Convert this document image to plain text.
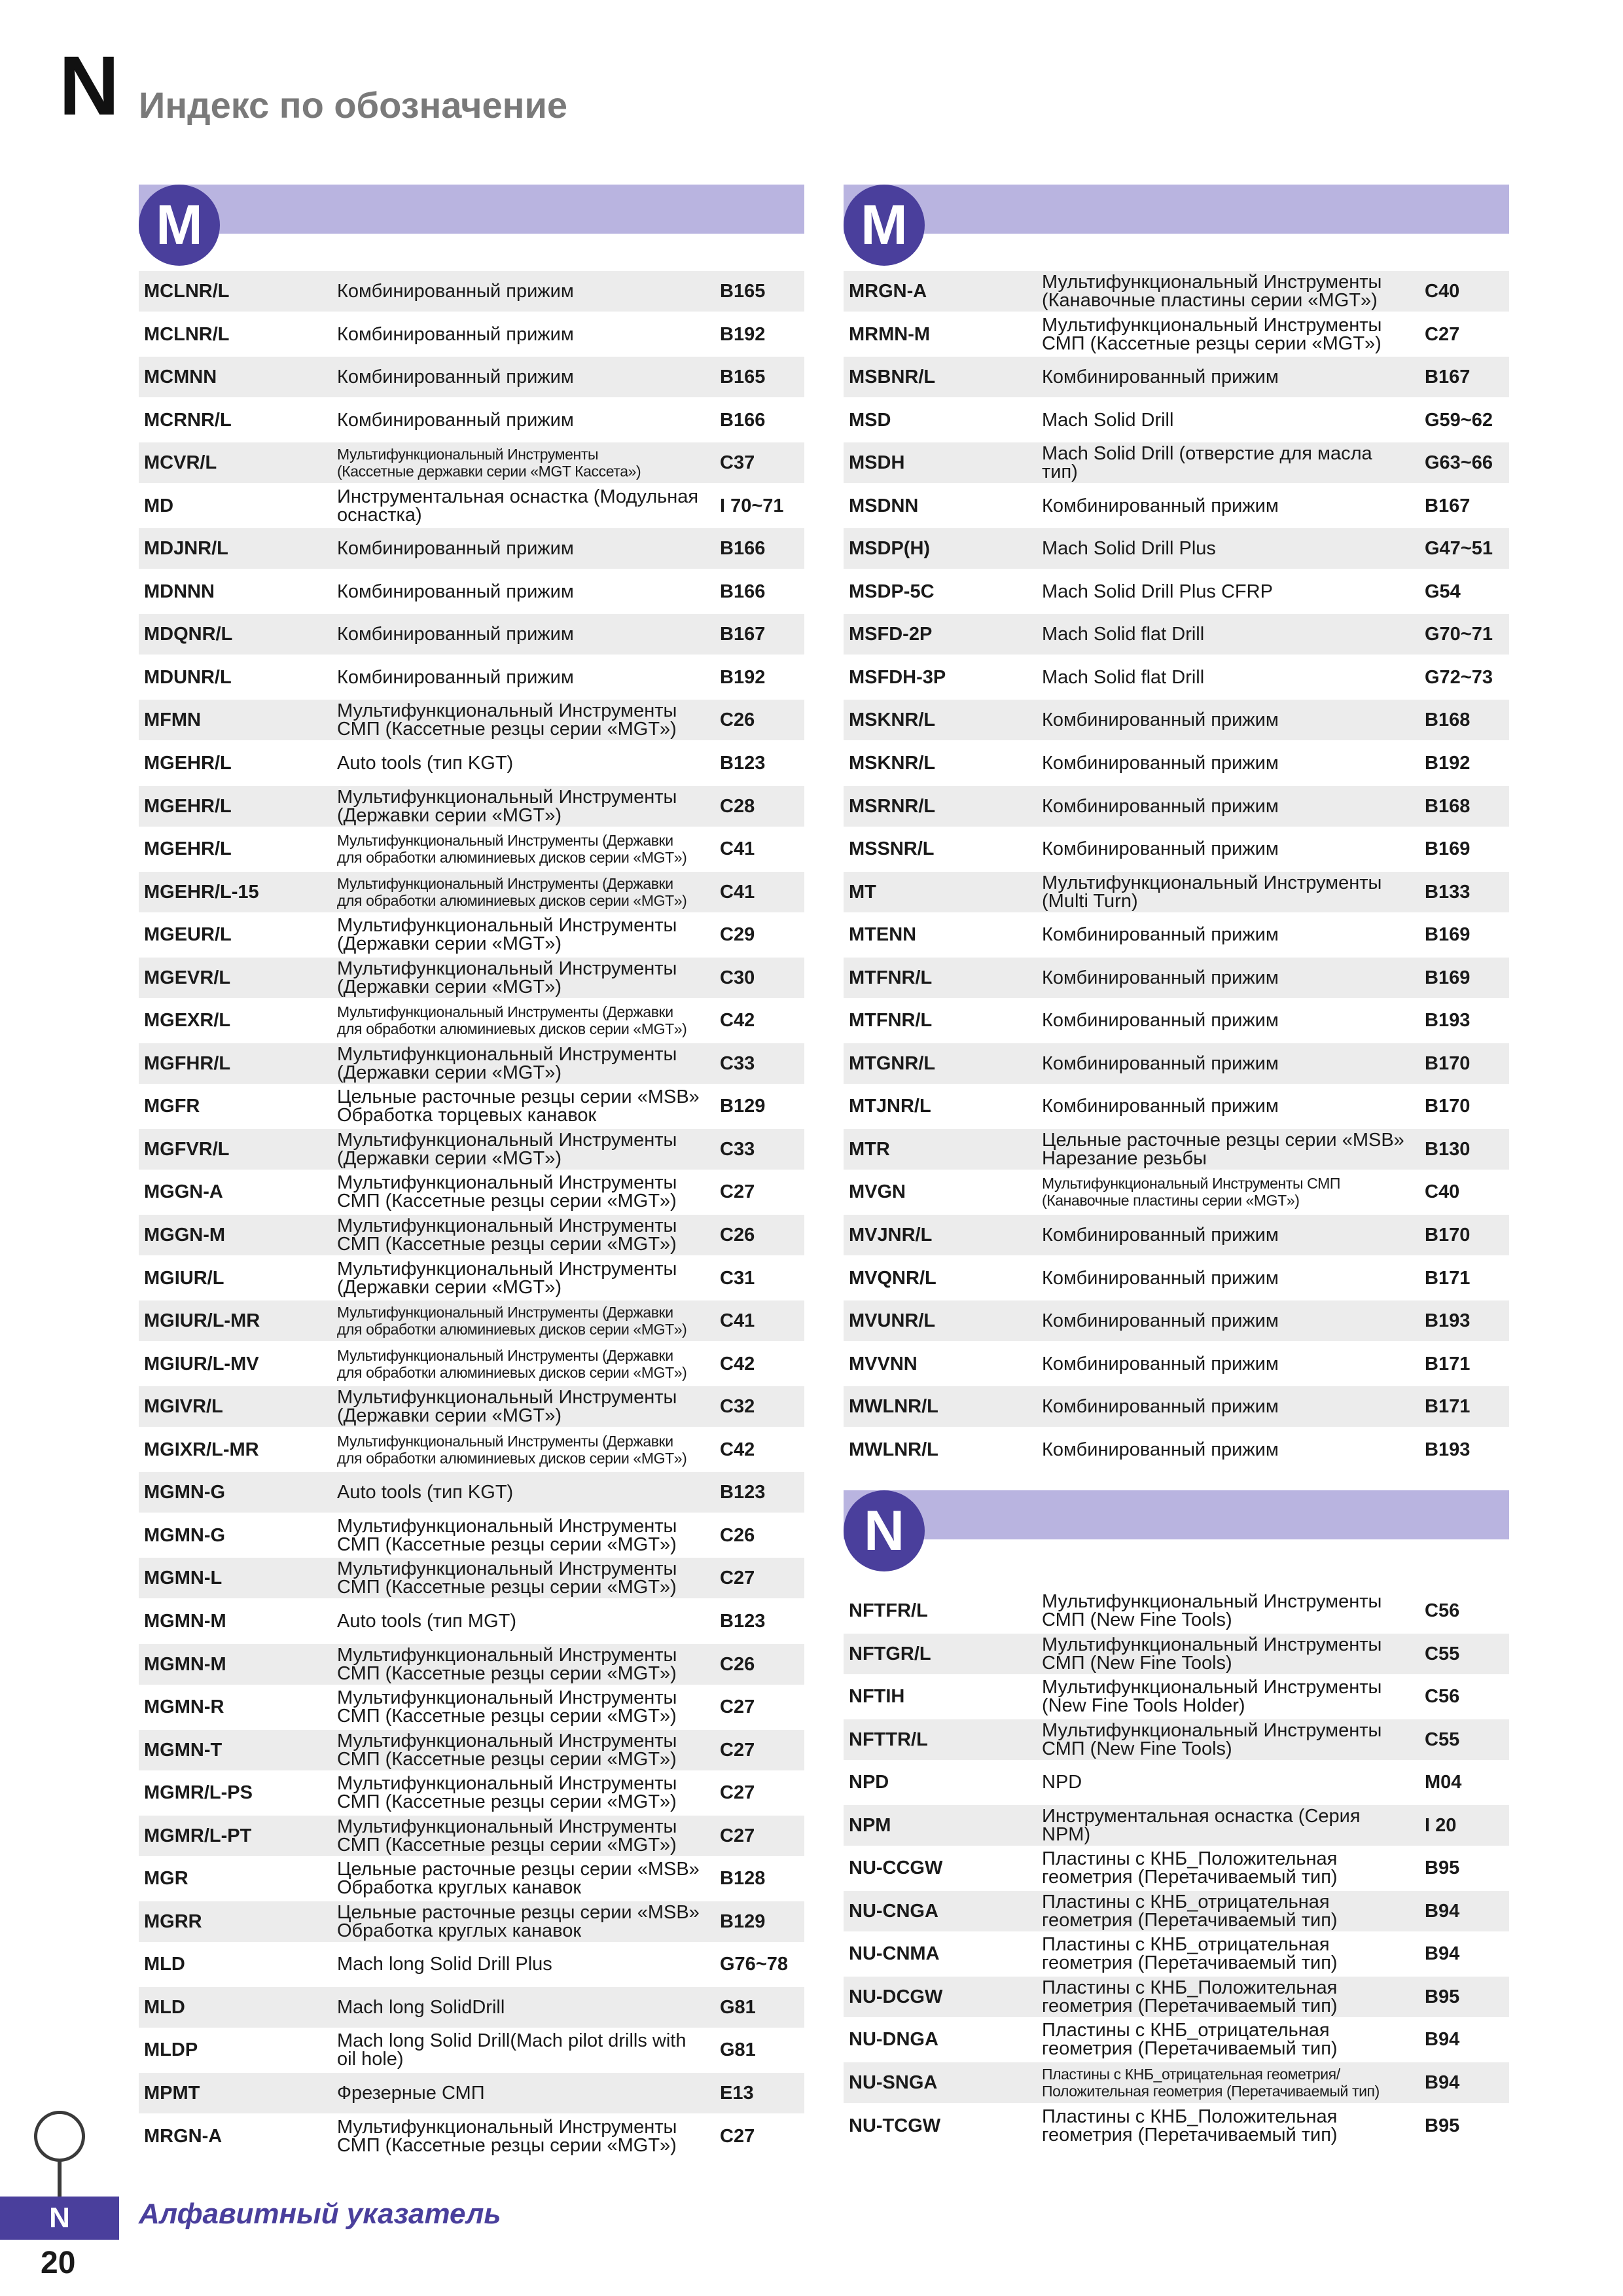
N Индекс по обозначение
M
MCLNR/L	Комбинированный прижим	B165
MCLNR/L	Комбинированный прижим	B192
MCMNN	Комбинированный прижим	B165
MCRNR/L	Комбинированный прижим	B166
MCVR/L	Мультифункциональный Инструменты
(Кассетные державки серии «MGT Кассета»)	C37
MD	Инструментальная оснастка (Модульная
оснастка)	I 70~71
MDJNR/L	Комбинированный прижим	B166
MDNNN	Комбинированный прижим	B166
MDQNR/L	Комбинированный прижим	B167
MDUNR/L	Комбинированный прижим	B192
MFMN	Мультифункциональный Инструменты
СМП (Кассетные резцы серии «MGT»)	C26
MGEHR/L	Auto tools (тип KGT)	B123
MGEHR/L	Мультифункциональный Инструменты
(Державки серии «MGT»)	C28
MGEHR/L	Мультифункциональный Инструменты (Державки
для обработки алюминиевых дисков серии «MGT»)	C41
MGEHR/L-15	Мультифункциональный Инструменты (Державки
для обработки алюминиевых дисков серии «MGT»)	C41
MGEUR/L	Мультифункциональный Инструменты
(Державки серии «MGT»)	C29
MGEVR/L	Мультифункциональный Инструменты
(Державки серии «MGT»)	C30
MGEXR/L	Мультифункциональный Инструменты (Державки
для обработки алюминиевых дисков серии «MGT»)	C42
MGFHR/L	Мультифункциональный Инструменты
(Державки серии «MGT»)	C33
MGFR	Цельные расточные резцы серии «MSB»
Обработка торцевых канавок	B129
MGFVR/L	Мультифункциональный Инструменты
(Державки серии «MGT»)	C33
MGGN-A	Мультифункциональный Инструменты
СМП (Кассетные резцы серии «MGT»)	C27
MGGN-M	Мультифункциональный Инструменты
СМП (Кассетные резцы серии «MGT»)	C26
MGIUR/L	Мультифункциональный Инструменты
(Державки серии «MGT»)	C31
MGIUR/L-MR	Мультифункциональный Инструменты (Державки
для обработки алюминиевых дисков серии «MGT»)	C41
MGIUR/L-MV	Мультифункциональный Инструменты (Державки
для обработки алюминиевых дисков серии «MGT»)	C42
MGIVR/L	Мультифункциональный Инструменты
(Державки серии «MGT»)	C32
MGIXR/L-MR	Мультифункциональный Инструменты (Державки
для обработки алюминиевых дисков серии «MGT»)	C42
MGMN-G	Auto tools (тип KGT)	B123
MGMN-G	Мультифункциональный Инструменты
СМП (Кассетные резцы серии «MGT»)	C26
MGMN-L	Мультифункциональный Инструменты
СМП (Кассетные резцы серии «MGT»)	C27
MGMN-M	Auto tools (тип MGT)	B123
MGMN-M	Мультифункциональный Инструменты
СМП (Кассетные резцы серии «MGT»)	C26
MGMN-R	Мультифункциональный Инструменты
СМП (Кассетные резцы серии «MGT»)	C27
MGMN-T	Мультифункциональный Инструменты
СМП (Кассетные резцы серии «MGT»)	C27
MGMR/L-PS	Мультифункциональный Инструменты
СМП (Кассетные резцы серии «MGT»)	C27
MGMR/L-PT	Мультифункциональный Инструменты
СМП (Кассетные резцы серии «MGT»)	C27
MGR	Цельные расточные резцы серии «MSB»
Обработка круглых канавок	B128
MGRR	Цельные расточные резцы серии «MSB»
Обработка круглых канавок	B129
MLD	Mach long Solid Drill Plus	G76~78
MLD	Mach long SolidDrill	G81
MLDP	Mach long Solid Drill(Mach pilot drills with
oil hole)	G81
MPMT	Фрезерные СМП	E13
MRGN-A	Мультифункциональный Инструменты
СМП (Кассетные резцы серии «MGT»)	C27
M
MRGN-A	Мультифункциональный Инструменты
(Канавочные пластины серии «MGT»)	C40
MRMN-M	Мультифункциональный Инструменты
СМП (Кассетные резцы серии «MGT»)	C27
MSBNR/L	Комбинированный прижим	B167
MSD	Mach Solid Drill	G59~62
MSDH	Mach Solid Drill (отверстие для масла
тип)	G63~66
MSDNN	Комбинированный прижим	B167
MSDP(H)	Mach Solid Drill Plus	G47~51
MSDP-5C	Mach Solid Drill Plus CFRP	G54
MSFD-2P	Mach Solid flat Drill	G70~71
MSFDH-3P	Mach Solid flat Drill	G72~73
MSKNR/L	Комбинированный прижим	B168
MSKNR/L	Комбинированный прижим	B192
MSRNR/L	Комбинированный прижим	B168
MSSNR/L	Комбинированный прижим	B169
MT	Мультифункциональный Инструменты
(Multi Turn)	B133
MTENN	Комбинированный прижим	B169
MTFNR/L	Комбинированный прижим	B169
MTFNR/L	Комбинированный прижим	B193
MTGNR/L	Комбинированный прижим	B170
MTJNR/L	Комбинированный прижим	B170
MTR	Цельные расточные резцы серии «MSB»
Нарезание резьбы	B130
MVGN	Мультифункциональный Инструменты СМП
(Канавочные пластины серии «MGT»)	C40
MVJNR/L	Комбинированный прижим	B170
MVQNR/L	Комбинированный прижим	B171
MVUNR/L	Комбинированный прижим	B193
MVVNN	Комбинированный прижим	B171
MWLNR/L	Комбинированный прижим	B171
MWLNR/L	Комбинированный прижим	B193
N
NFTFR/L	Мультифункциональный Инструменты
СМП (New Fine Tools)	C56
NFTGR/L	Мультифункциональный Инструменты
СМП (New Fine Tools)	C55
NFTIH	Мультифункциональный Инструменты
(New Fine Tools Holder)	C56
NFTTR/L	Мультифункциональный Инструменты
СМП (New Fine Tools)	C55
NPD	NPD	M04
NPM	Инструментальная оснастка (Серия
NPM)	I 20
NU-CCGW	Пластины с КНБ_Положительная
геометрия (Перетачиваемый тип)	B95
NU-CNGA	Пластины с КНБ_отрицательная
геометрия (Перетачиваемый тип)	B94
NU-CNMA	Пластины с КНБ_отрицательная
геометрия (Перетачиваемый тип)	B94
NU-DCGW	Пластины с КНБ_Положительная
геометрия (Перетачиваемый тип)	B95
NU-DNGA	Пластины с КНБ_отрицательная
геометрия (Перетачиваемый тип)	B94
NU-SNGA	Пластины с КНБ_отрицательная геометрия/
Положительная геометрия (Перетачиваемый тип)	B94
NU-TCGW	Пластины с КНБ_Положительная
геометрия (Перетачиваемый тип)	B95
N	Алфавитный указатель
20
